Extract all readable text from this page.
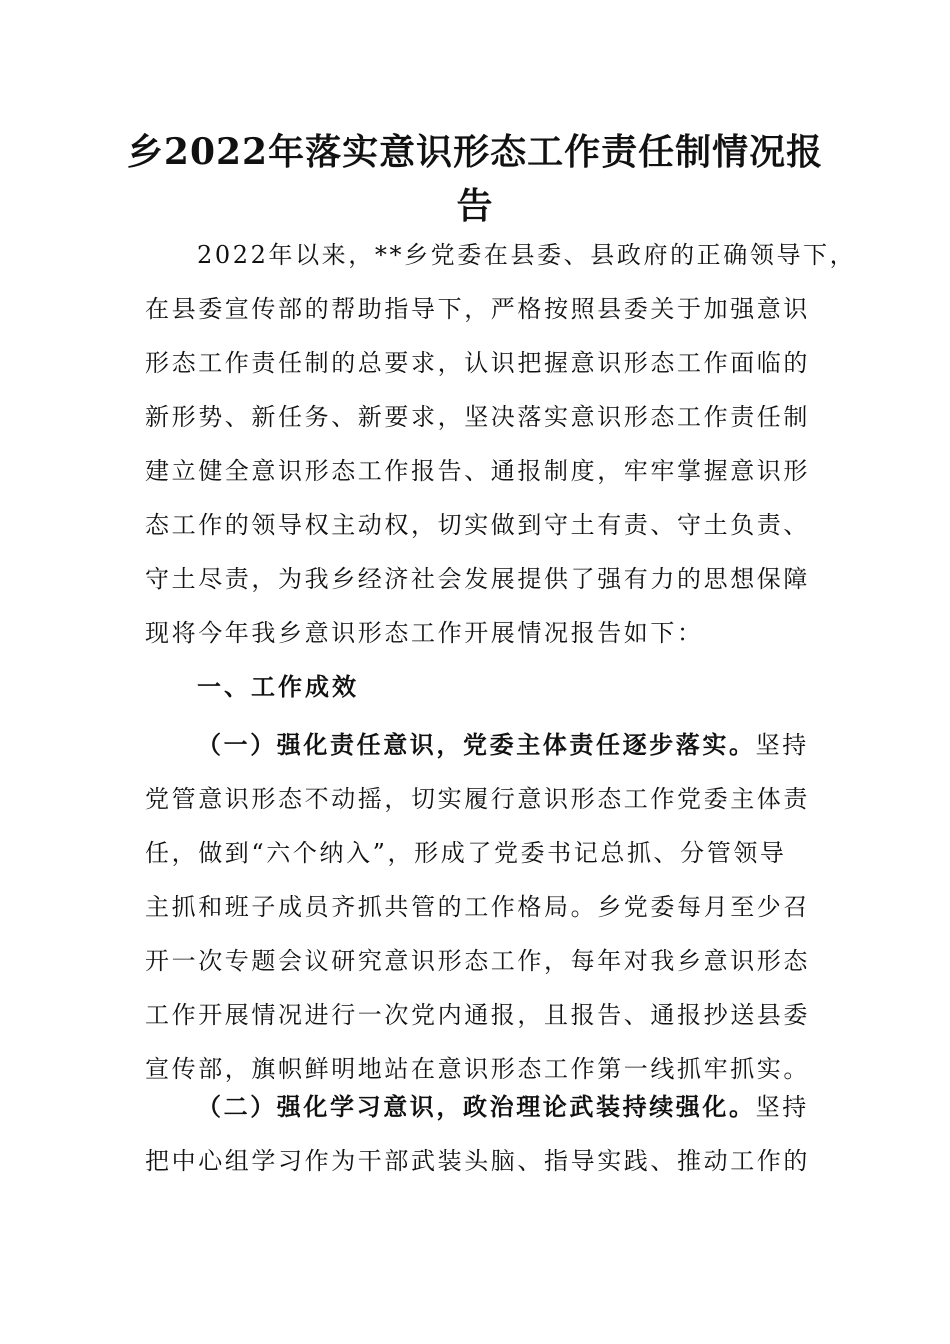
乡2022年落实意识形态工作责任制情况报
告
2022年以来，**乡党委在县委、县政府的正确领导下，
在县委宣传部的帮助指导下，严格按照县委关于加强意识
形态工作责任制的总要求，认识把握意识形态工作面临的
新形势、新任务、新要求，坚决落实意识形态工作责任制
建立健全意识形态工作报告、通报制度，牢牢掌握意识形
态工作的领导权主动权，切实做到守土有责、守土负责、
守土尽责，为我乡经济社会发展提供了强有力的思想保障
现将今年我乡意识形态工作开展情况报告如下：
一、工作成效
（一）强化责任意识，党委主体责任逐步落实。坚持
党管意识形态不动摇，切实履行意识形态工作党委主体责
任，做到“六个纳入”，形成了党委书记总抓、分管领导
主抓和班子成员齐抓共管的工作格局。乡党委每月至少召
开一次专题会议研究意识形态工作，每年对我乡意识形态
工作开展情况进行一次党内通报，且报告、通报抄送县委
宣传部，旗帜鲜明地站在意识形态工作第一线抓牢抓实。
（二）强化学习意识，政治理论武装持续强化。坚持
把中心组学习作为干部武装头脑、指导实践、推动工作的
